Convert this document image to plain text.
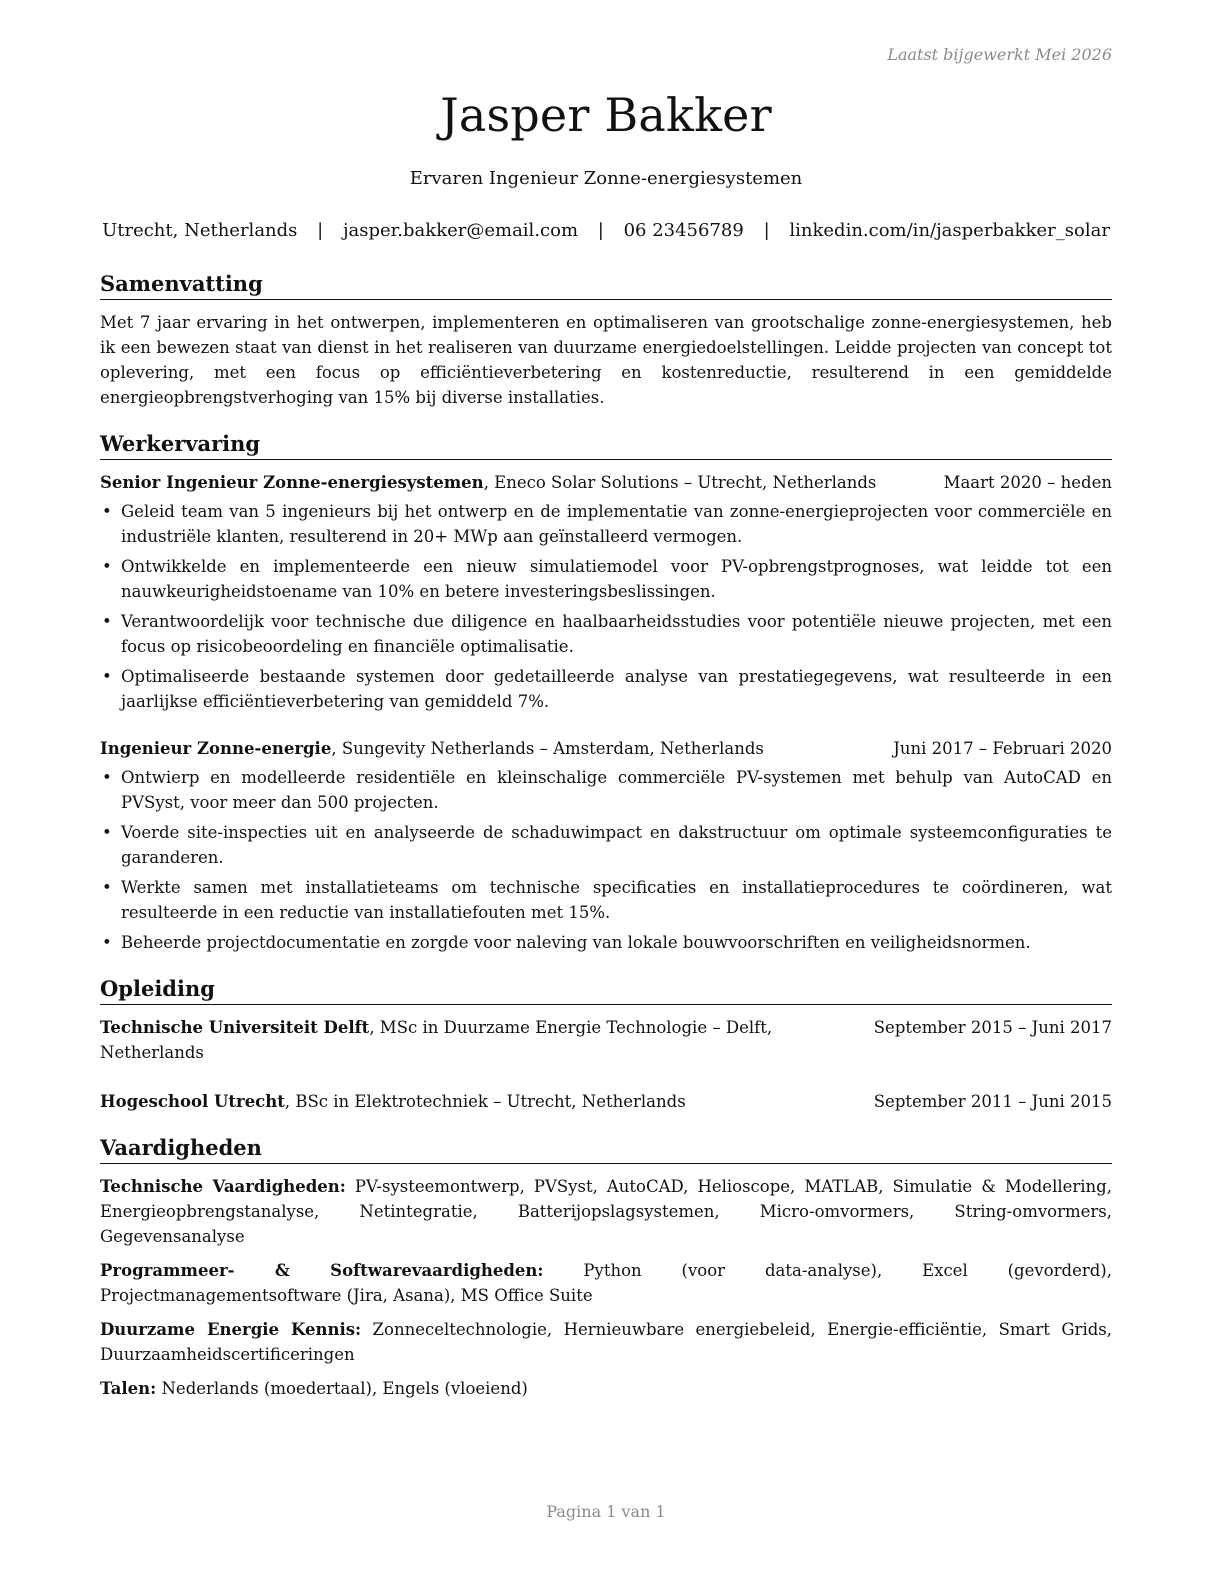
Laatst bijgewerkt Mei 2026
Jasper Bakker
Ervaren Ingenieur Zonne-energiesystemen
Utrecht, Netherlands | jasper.bakker@email.com | 06 23456789 | linkedin.com/in/jasperbakker_solar
Samenvatting

Met 7 jaar ervaring in het ontwerpen, implementeren en optimaliseren van grootschalige zonne-energiesystemen, heb ik een bewezen staat van dienst in het realiseren van duurzame energiedoelstellingen. Leidde projecten van concept tot oplevering, met een focus op efficiëntieverbetering en kostenreductie, resulterend in een gemiddelde energieopbrengstverhoging van 15% bij diverse installaties.

Werkervaring
Senior Ingenieur Zonne-energiesystemen, Eneco Solar Solutions – Utrecht, Netherlands	Maart 2020 – heden
• Geleid team van 5 ingenieurs bij het ontwerp en de implementatie van zonne-energieprojecten voor commerciële en industriële klanten, resulterend in 20+ MWp aan geïnstalleerd vermogen.
• Ontwikkelde en implementeerde een nieuw simulatiemodel voor PV-opbrengstprognoses, wat leidde tot een nauwkeurigheidstoename van 10% en betere investeringsbeslissingen.
• Verantwoordelijk voor technische due diligence en haalbaarheidsstudies voor potentiële nieuwe projecten, met een focus op risicobeoordeling en financiële optimalisatie.
• Optimaliseerde bestaande systemen door gedetailleerde analyse van prestatiegegevens, wat resulteerde in een jaarlijkse efficiëntieverbetering van gemiddeld 7%.
Ingenieur Zonne-energie, Sungevity Netherlands – Amsterdam, Netherlands	Juni 2017 – Februari 2020
• Ontwierp en modelleerde residentiële en kleinschalige commerciële PV-systemen met behulp van AutoCAD en PVSyst, voor meer dan 500 projecten.
• Voerde site-inspecties uit en analyseerde de schaduwimpact en dakstructuur om optimale systeemconfiguraties te garanderen.
• Werkte samen met installatieteams om technische specificaties en installatieprocedures te coördineren, wat resulteerde in een reductie van installatiefouten met 15%.
• Beheerde projectdocumentatie en zorgde voor naleving van lokale bouwvoorschriften en veiligheidsnormen.
Opleiding
Technische Universiteit Delft, MSc in Duurzame Energie Technologie – Delft, Netherlands
September 2015 – Juni 2017
Hogeschool Utrecht, BSc in Elektrotechniek – Utrecht, Netherlands	September 2011 – Juni 2015
Vaardigheden

Technische Vaardigheden: PV-systeemontwerp, PVSyst, AutoCAD, Helioscope, MATLAB, Simulatie & Modellering, Energieopbrengstanalyse, Netintegratie, Batterijopslagsystemen, Micro-omvormers, String-omvormers, Gegevensanalyse

Programmeer- & Softwarevaardigheden: Python (voor data-analyse), Excel (gevorderd), Projectmanagementsoftware (Jira, Asana), MS Office Suite

Duurzame Energie Kennis: Zonneceltechnologie, Hernieuwbare energiebeleid, Energie-efficiëntie, Smart Grids, Duurzaamheidscertificeringen

Talen: Nederlands (moedertaal), Engels (vloeiend)

Pagina 1 van 1
